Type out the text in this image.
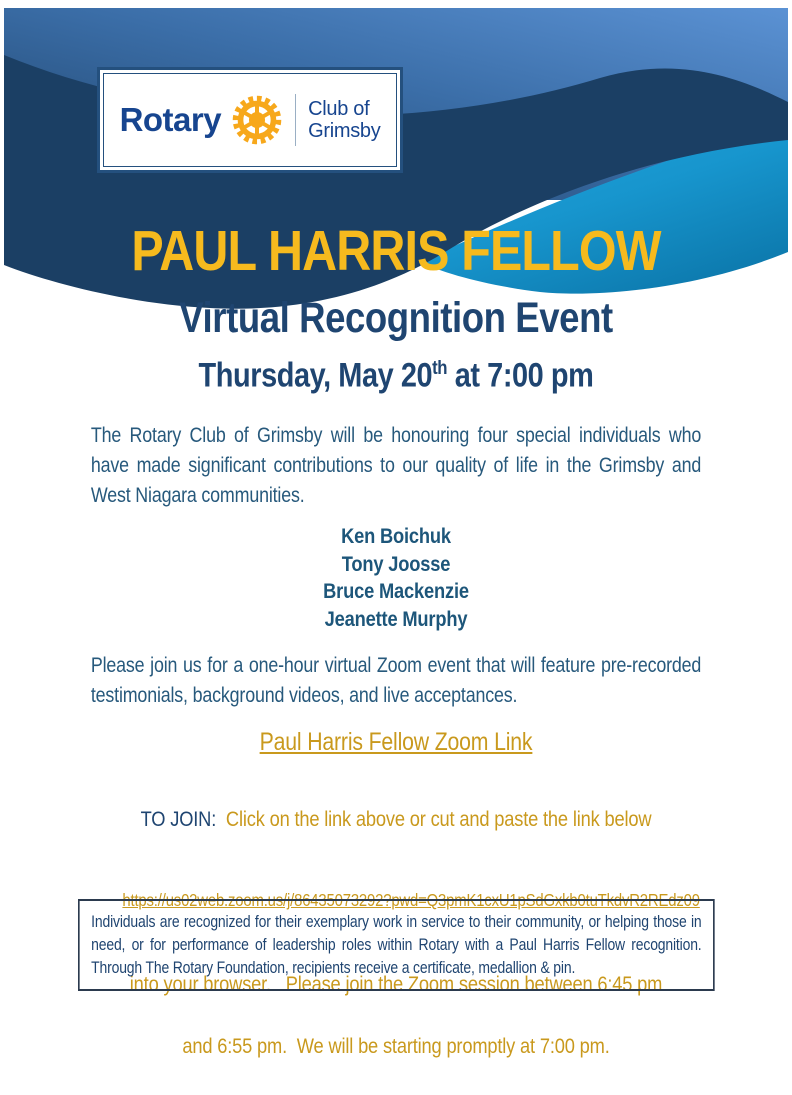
Rotary	Club of
Grimsby
PAUL HARRIS FELLOW
Virtual Recognition Event
Thursday, May 20th at 7:00 pm

The Rotary Club of Grimsby will be honouring four special individuals who have made significant contributions to our quality of life in the Grimsby and West Niagara communities.

Ken Boichuk
Tony Joosse
Bruce Mackenzie
Jeanette Murphy

Please join us for a one-hour virtual Zoom event that will feature pre-recorded testimonials, background videos, and live acceptances.

Paul Harris Fellow Zoom Link

TO JOIN:  Click on the link above or cut and paste the link below

https://us02web.zoom.us/j/86435073292?pwd=Q3pmK1cxU1pSdGxkb0tuTkdvR2REdz09

into your browser.   Please join the Zoom session between 6:45 pm

and 6:55 pm.  We will be starting promptly at 7:00 pm.

Individuals are recognized for their exemplary work in service to their community, or helping those in need, or for performance of leadership roles within Rotary with a Paul Harris Fellow recognition. Through The Rotary Foundation, recipients receive a certificate, medallion & pin.
